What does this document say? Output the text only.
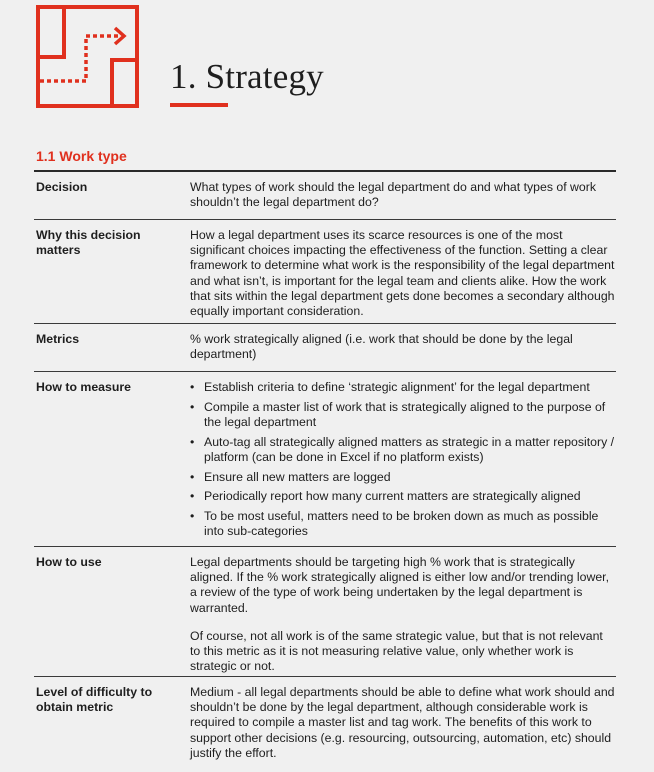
1. Strategy
1.1 Work type
Decision	What types of work should the legal department do and what types of work shouldn’t the legal department do?
Why this decision matters
How a legal department uses its scarce resources is one of the most significant choices impacting the effectiveness of the function. Setting a clear framework to determine what work is the responsibility of the legal department and what isn’t, is important for the legal team and clients alike. How the work that sits within the legal department gets done becomes a secondary although equally important consideration.
Metrics	% work strategically aligned (i.e. work that should be done by the legal department)
How to measure
•	Establish criteria to define ‘strategic alignment’ for the legal department
• Compile a master list of work that is strategically aligned to the purpose of the legal department
• Auto-tag all strategically aligned matters as strategic in a matter repository / platform (can be done in Excel if no platform exists)
• Ensure all new matters are logged
• Periodically report how many current matters are strategically aligned
• To be most useful, matters need to be broken down as much as possible into sub-categories
How to use	Legal departments should be targeting high % work that is strategically aligned. If the % work strategically aligned is either low and/or trending lower, a review of the type of work being undertaken by the legal department is warranted.

Of course, not all work is of the same strategic value, but that is not relevant to this metric as it is not measuring relative value, only whether work is strategic or not.

Level of difficulty to obtain metric
Medium - all legal departments should be able to define what work should and shouldn’t be done by the legal department, although considerable work is required to compile a master list and tag work. The benefits of this work to support other decisions (e.g. resourcing, outsourcing, automation, etc) should justify the effort.
